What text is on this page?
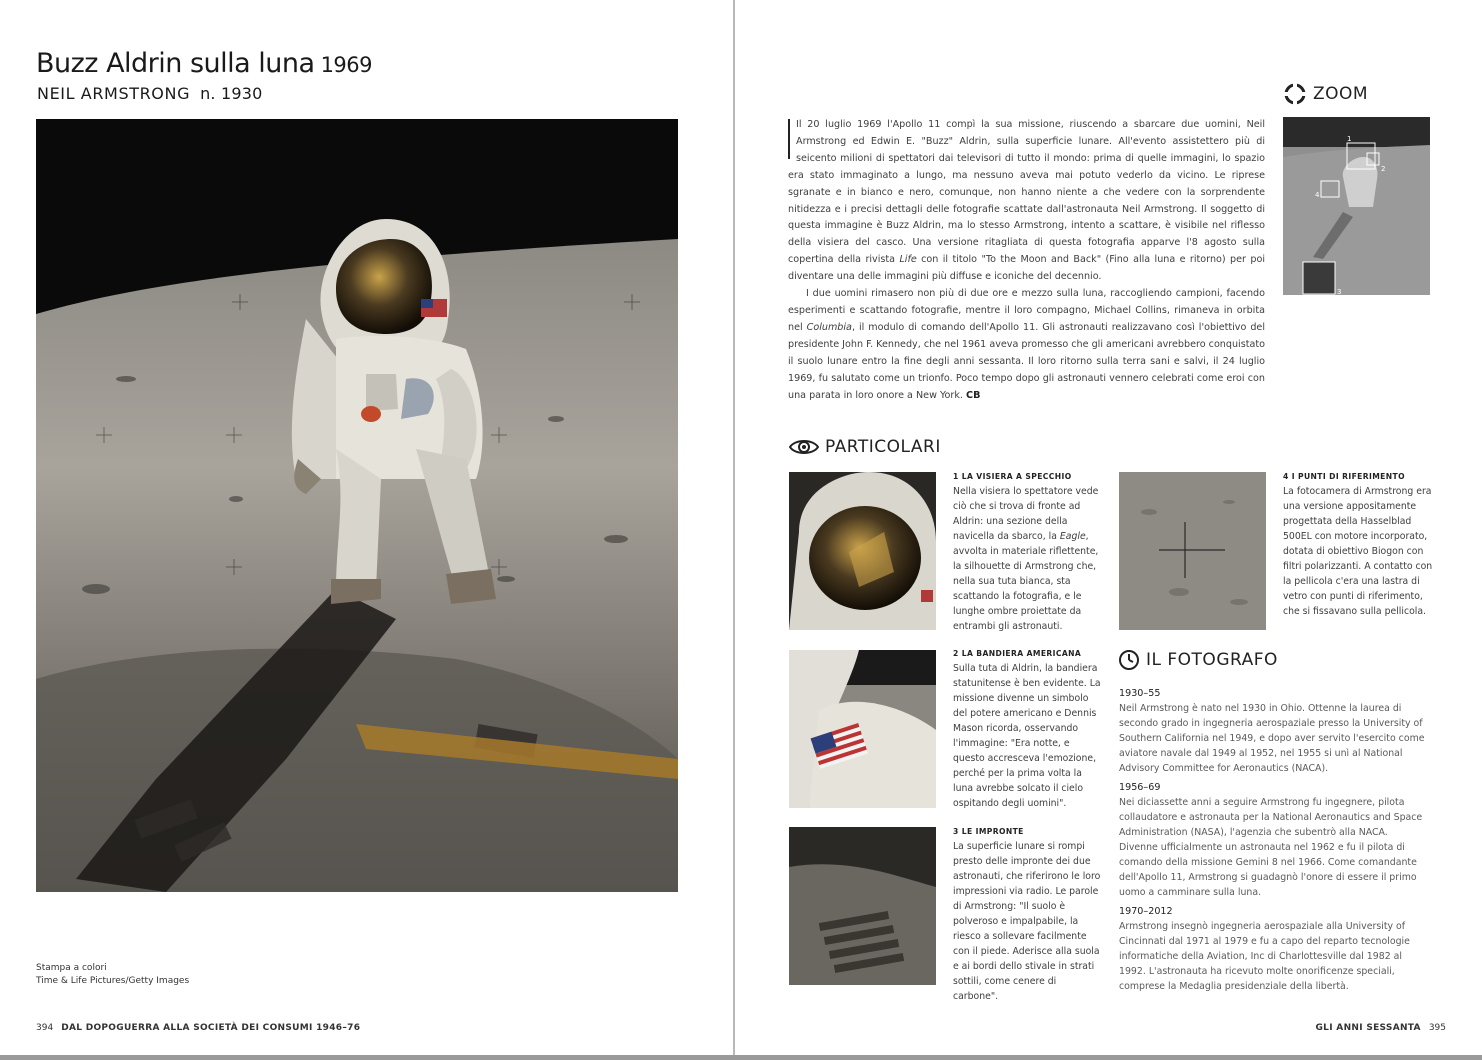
Buzz Aldrin sulla luna 1969
NEIL ARMSTRONG n. 1930
Stampa a colori
Time & Life Pictures/Getty Images
394 DAL DOPOGUERRA ALLA SOCIETÀ DEI CONSUMI 1946–76

Il 20 luglio 1969 l'Apollo 11 compì la sua missione, riuscendo a sbarcare due uomini, Neil Armstrong ed Edwin E. "Buzz" Aldrin, sulla superficie lunare. All'evento assistettero più di seicento milioni di spettatori dai televisori di tutto il mondo: prima di quelle immagini, lo spazio era stato immaginato a lungo, ma nessuno aveva mai potuto vederlo da vicino. Le riprese sgranate e in bianco e nero, comunque, non hanno niente a che vedere con la sorprendente nitidezza e i precisi dettagli delle fotografie scattate dall'astronauta Neil Armstrong. Il soggetto di questa immagine è Buzz Aldrin, ma lo stesso Armstrong, intento a scattare, è visibile nel riflesso della visiera del casco. Una versione ritagliata di questa fotografia apparve l'8 agosto sulla copertina della rivista Life con il titolo "To the Moon and Back" (Fino alla luna e ritorno) per poi diventare una delle immagini più diffuse e iconiche del decennio.

I due uomini rimasero non più di due ore e mezzo sulla luna, raccogliendo campioni, facendo esperimenti e scattando fotografie, mentre il loro compagno, Michael Collins, rimaneva in orbita nel Columbia, il modulo di comando dell'Apollo 11. Gli astronauti realizzavano così l'obiettivo del presidente John F. Kennedy, che nel 1961 aveva promesso che gli americani avrebbero conquistato il suolo lunare entro la fine degli anni sessanta. Il loro ritorno sulla terra sani e salvi, il 24 luglio 1969, fu salutato come un trionfo. Poco tempo dopo gli astronauti vennero celebrati come eroi con una parata in loro onore a New York. CB

ZOOM
1
2
3
4
PARTICOLARI
1 LA VISIERA A SPECCHIO
Nella visiera lo spettatore vede ciò che si trova di fronte ad Aldrin: una sezione della navicella da sbarco, la Eagle, avvolta in materiale riflettente, la silhouette di Armstrong che, nella sua tuta bianca, sta scattando la fotografia, e le lunghe ombre proiettate da entrambi gli astronauti.
2 LA BANDIERA AMERICANA
Sulla tuta di Aldrin, la bandiera statunitense è ben evidente. La missione divenne un simbolo del potere americano e Dennis Mason ricorda, osservando l'immagine: "Era notte, e questo accresceva l'emozione, perché per la prima volta la luna avrebbe solcato il cielo ospitando degli uomini".
3 LE IMPRONTE
La superficie lunare si rompi presto delle impronte dei due astronauti, che riferirono le loro impressioni via radio. Le parole di Armstrong: "Il suolo è polveroso e impalpabile, la riesco a sollevare facilmente con il piede. Aderisce alla suola e ai bordi dello stivale in strati sottili, come cenere di carbone".
4 I PUNTI DI RIFERIMENTO
La fotocamera di Armstrong era una versione appositamente progettata della Hasselblad 500EL con motore incorporato, dotata di obiettivo Biogon con filtri polarizzanti. A contatto con la pellicola c'era una lastra di vetro con punti di riferimento, che si fissavano sulla pellicola.
IL FOTOGRAFO
1930–55
Neil Armstrong è nato nel 1930 in Ohio. Ottenne la laurea di secondo grado in ingegneria aerospaziale presso la University of Southern California nel 1949, e dopo aver servito l'esercito come aviatore navale dal 1949 al 1952, nel 1955 si unì al National Advisory Committee for Aeronautics (NACA).
1956–69
Nei diciassette anni a seguire Armstrong fu ingegnere, pilota collaudatore e astronauta per la National Aeronautics and Space Administration (NASA), l'agenzia che subentrò alla NACA. Divenne ufficialmente un astronauta nel 1962 e fu il pilota di comando della missione Gemini 8 nel 1966. Come comandante dell'Apollo 11, Armstrong si guadagnò l'onore di essere il primo uomo a camminare sulla luna.
1970–2012
Armstrong insegnò ingegneria aerospaziale alla University of Cincinnati dal 1971 al 1979 e fu a capo del reparto tecnologie informatiche della Aviation, Inc di Charlottesville dal 1982 al 1992. L'astronauta ha ricevuto molte onorificenze speciali, comprese la Medaglia presidenziale della libertà.
GLI ANNI SESSANTA 395
